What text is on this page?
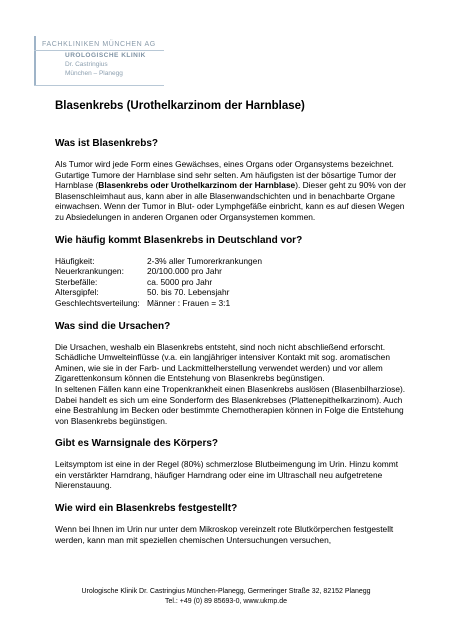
FACHKLINIKEN MÜNCHEN AG
UROLOGISCHE KLINIK
Dr. Castringius
München – Planegg
Blasenkrebs (Urothelkarzinom der Harnblase)
Was ist Blasenkrebs?

Als Tumor wird jede Form eines Gewächses, eines Organs oder Organsystems bezeichnet. Gutartige Tumore der Harnblase sind sehr selten. Am häufigsten ist der bösartige Tumor der Harnblase (Blasenkrebs oder Urothelkarzinom der Harnblase). Dieser geht zu 90% von der Blasenschleimhaut aus, kann aber in alle Blasenwandschichten und in benachbarte Organe einwachsen. Wenn der Tumor in Blut- oder Lymphgefäße einbricht, kann es auf diesen Wegen zu Absiedelungen in anderen Organen oder Organsystemen kommen.

Wie häufig kommt Blasenkrebs in Deutschland vor?
Häufigkeit:	2-3% aller Tumorerkrankungen
Neuerkrankungen:	20/100.000 pro Jahr
Sterbefälle:	ca. 5000 pro Jahr
Altersgipfel:	50. bis 70. Lebensjahr
Geschlechtsverteilung: Männer : Frauen = 3:1
Was sind die Ursachen?

Die Ursachen, weshalb ein Blasenkrebs entsteht, sind noch nicht abschließend erforscht. Schädliche Umwelteinflüsse (v.a. ein langjähriger intensiver Kontakt mit sog. aromatischen Aminen, wie sie in der Farb- und Lackmittelherstellung verwendet werden) und vor allem Zigarettenkonsum können die Entstehung von Blasenkrebs begünstigen.

In seltenen Fällen kann eine Tropenkrankheit einen Blasenkrebs auslösen (Blasenbilharziose). Dabei handelt es sich um eine Sonderform des Blasenkrebses (Plattenepithelkarzinom). Auch eine Bestrahlung im Becken oder bestimmte Chemotherapien können in Folge die Entstehung von Blasenkrebs begünstigen.

Gibt es Warnsignale des Körpers?

Leitsymptom ist eine in der Regel (80%) schmerzlose Blutbeimengung im Urin. Hinzu kommt ein verstärkter Harndrang, häufiger Harndrang oder eine im Ultraschall neu aufgetretene Nierenstauung.

Wie wird ein Blasenkrebs festgestellt?

Wenn bei Ihnen im Urin nur unter dem Mikroskop vereinzelt rote Blutkörperchen festgestellt werden, kann man mit speziellen chemischen Untersuchungen versuchen,

Urologische Klinik Dr. Castringius München-Planegg, Germeringer Straße 32, 82152 Planegg
Tel.: +49 (0) 89 85693-0, www.ukmp.de
